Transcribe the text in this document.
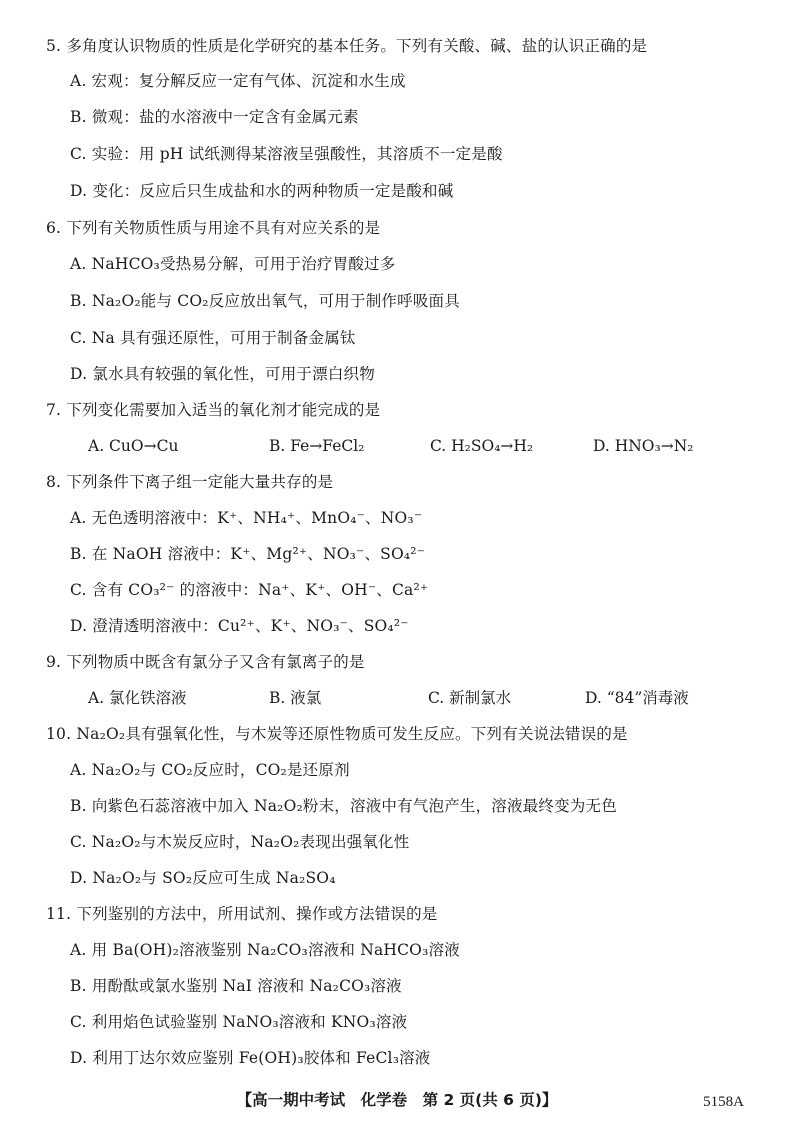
5. 多角度认识物质的性质是化学研究的基本任务。下列有关酸、碱、盐的认识正确的是
A. 宏观：复分解反应一定有气体、沉淀和水生成
B. 微观：盐的水溶液中一定含有金属元素
C. 实验：用 pH 试纸测得某溶液呈强酸性，其溶质不一定是酸
D. 变化：反应后只生成盐和水的两种物质一定是酸和碱
6. 下列有关物质性质与用途不具有对应关系的是
A. NaHCO₃受热易分解，可用于治疗胃酸过多
B. Na₂O₂能与 CO₂反应放出氧气，可用于制作呼吸面具
C. Na 具有强还原性，可用于制备金属钛
D. 氯水具有较强的氧化性，可用于漂白织物
7. 下列变化需要加入适当的氧化剂才能完成的是
A. CuO→Cu	B. Fe→FeCl₂	C. H₂SO₄→H₂	D. HNO₃→N₂
8. 下列条件下离子组一定能大量共存的是
A. 无色透明溶液中：K⁺、NH₄⁺、MnO₄⁻、NO₃⁻
B. 在 NaOH 溶液中：K⁺、Mg²⁺、NO₃⁻、SO₄²⁻
C. 含有 CO₃²⁻ 的溶液中：Na⁺、K⁺、OH⁻、Ca²⁺
D. 澄清透明溶液中：Cu²⁺、K⁺、NO₃⁻、SO₄²⁻
9. 下列物质中既含有氯分子又含有氯离子的是
A. 氯化铁溶液	B. 液氯	C. 新制氯水	D. “84”消毒液
10. Na₂O₂具有强氧化性，与木炭等还原性物质可发生反应。下列有关说法错误的是
A. Na₂O₂与 CO₂反应时，CO₂是还原剂
B. 向紫色石蕊溶液中加入 Na₂O₂粉末，溶液中有气泡产生，溶液最终变为无色
C. Na₂O₂与木炭反应时，Na₂O₂表现出强氧化性
D. Na₂O₂与 SO₂反应可生成 Na₂SO₄
11. 下列鉴别的方法中，所用试剂、操作或方法错误的是
A. 用 Ba(OH)₂溶液鉴别 Na₂CO₃溶液和 NaHCO₃溶液
B. 用酚酞或氯水鉴别 NaI 溶液和 Na₂CO₃溶液
C. 利用焰色试验鉴别 NaNO₃溶液和 KNO₃溶液
D. 利用丁达尔效应鉴别 Fe(OH)₃胶体和 FeCl₃溶液
【高一期中考试　化学卷　第 2 页(共 6 页)】	5158A
